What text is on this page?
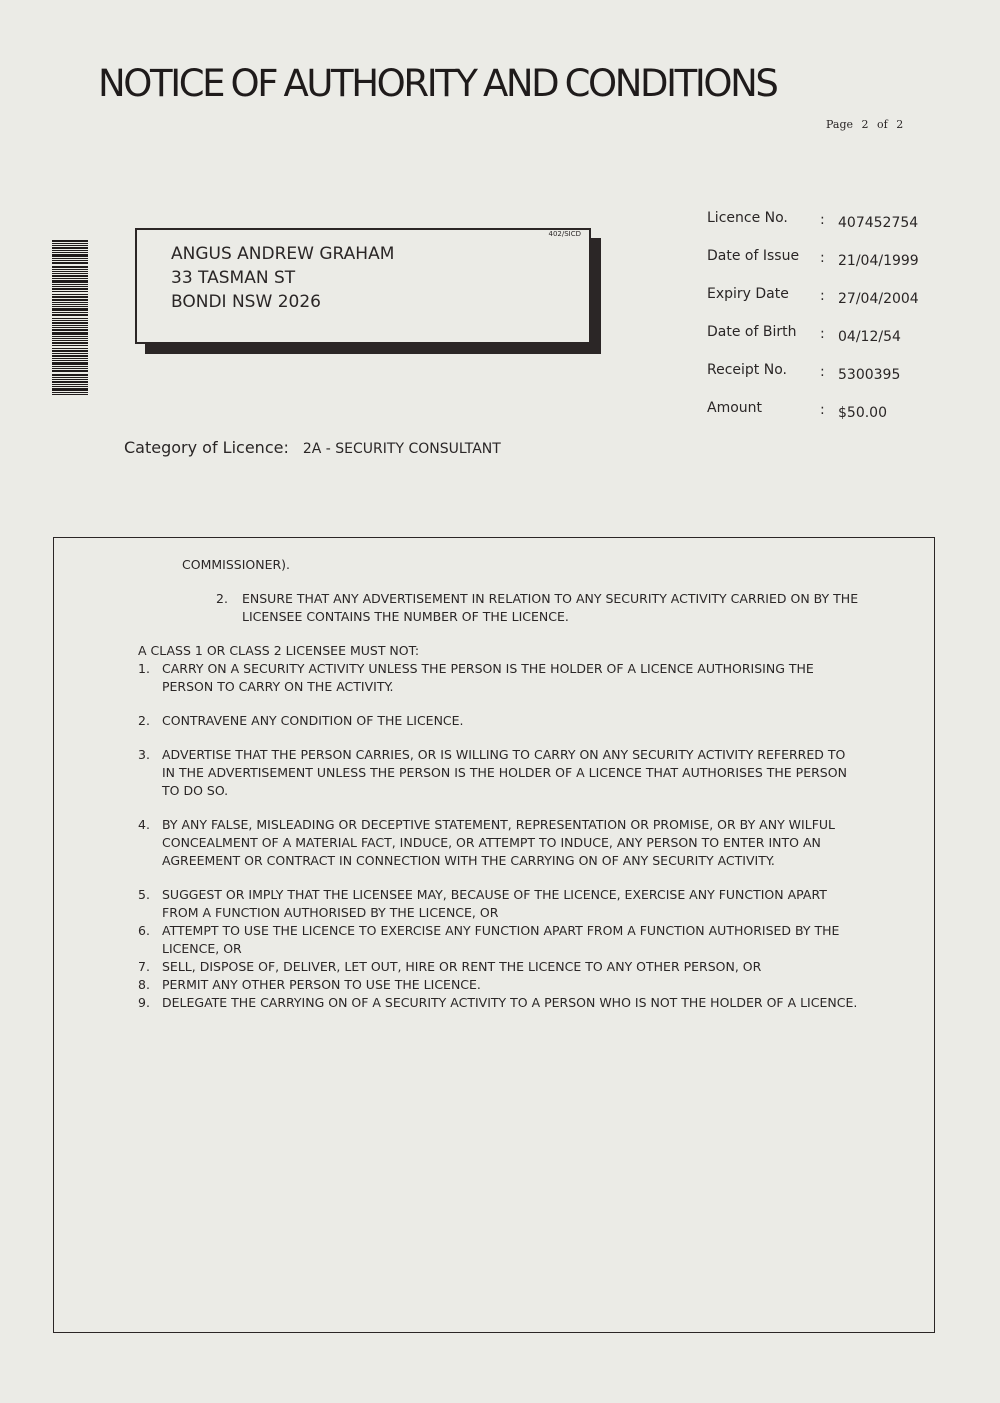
NOTICE OF AUTHORITY AND CONDITIONS
Page 2 of 2
402/SICD
ANGUS ANDREW GRAHAM
33 TASMAN ST
BONDI NSW 2026
Licence No. : 407452754
Date of Issue : 21/04/1999
Expiry Date : 27/04/2004
Date of Birth : 04/12/54
Receipt No. : 5300395
Amount	: $50.00
Category of Licence: 2A - SECURITY CONSULTANT
COMMISSIONER).
2.	ENSURE THAT ANY ADVERTISEMENT IN RELATION TO ANY SECURITY ACTIVITY CARRIED ON BY THE LICENSEE CONTAINS THE NUMBER OF THE LICENCE.
A CLASS 1 OR CLASS 2 LICENSEE MUST NOT:
1. CARRY ON A SECURITY ACTIVITY UNLESS THE PERSON IS THE HOLDER OF A LICENCE AUTHORISING THE PERSON TO CARRY ON THE ACTIVITY.
2. CONTRAVENE ANY CONDITION OF THE LICENCE.
3. ADVERTISE THAT THE PERSON CARRIES, OR IS WILLING TO CARRY ON ANY SECURITY ACTIVITY REFERRED TO IN THE ADVERTISEMENT UNLESS THE PERSON IS THE HOLDER OF A LICENCE THAT AUTHORISES THE PERSON TO DO SO.
4. BY ANY FALSE, MISLEADING OR DECEPTIVE STATEMENT, REPRESENTATION OR PROMISE, OR BY ANY WILFUL CONCEALMENT OF A MATERIAL FACT, INDUCE, OR ATTEMPT TO INDUCE, ANY PERSON TO ENTER INTO AN AGREEMENT OR CONTRACT IN CONNECTION WITH THE CARRYING ON OF ANY SECURITY ACTIVITY.
5. SUGGEST OR IMPLY THAT THE LICENSEE MAY, BECAUSE OF THE LICENCE, EXERCISE ANY FUNCTION APART FROM A FUNCTION AUTHORISED BY THE LICENCE, OR
6. ATTEMPT TO USE THE LICENCE TO EXERCISE ANY FUNCTION APART FROM A FUNCTION AUTHORISED BY THE LICENCE, OR
7. SELL, DISPOSE OF, DELIVER, LET OUT, HIRE OR RENT THE LICENCE TO ANY OTHER PERSON, OR
8. PERMIT ANY OTHER PERSON TO USE THE LICENCE.
9. DELEGATE THE CARRYING ON OF A SECURITY ACTIVITY TO A PERSON WHO IS NOT THE HOLDER OF A LICENCE.
